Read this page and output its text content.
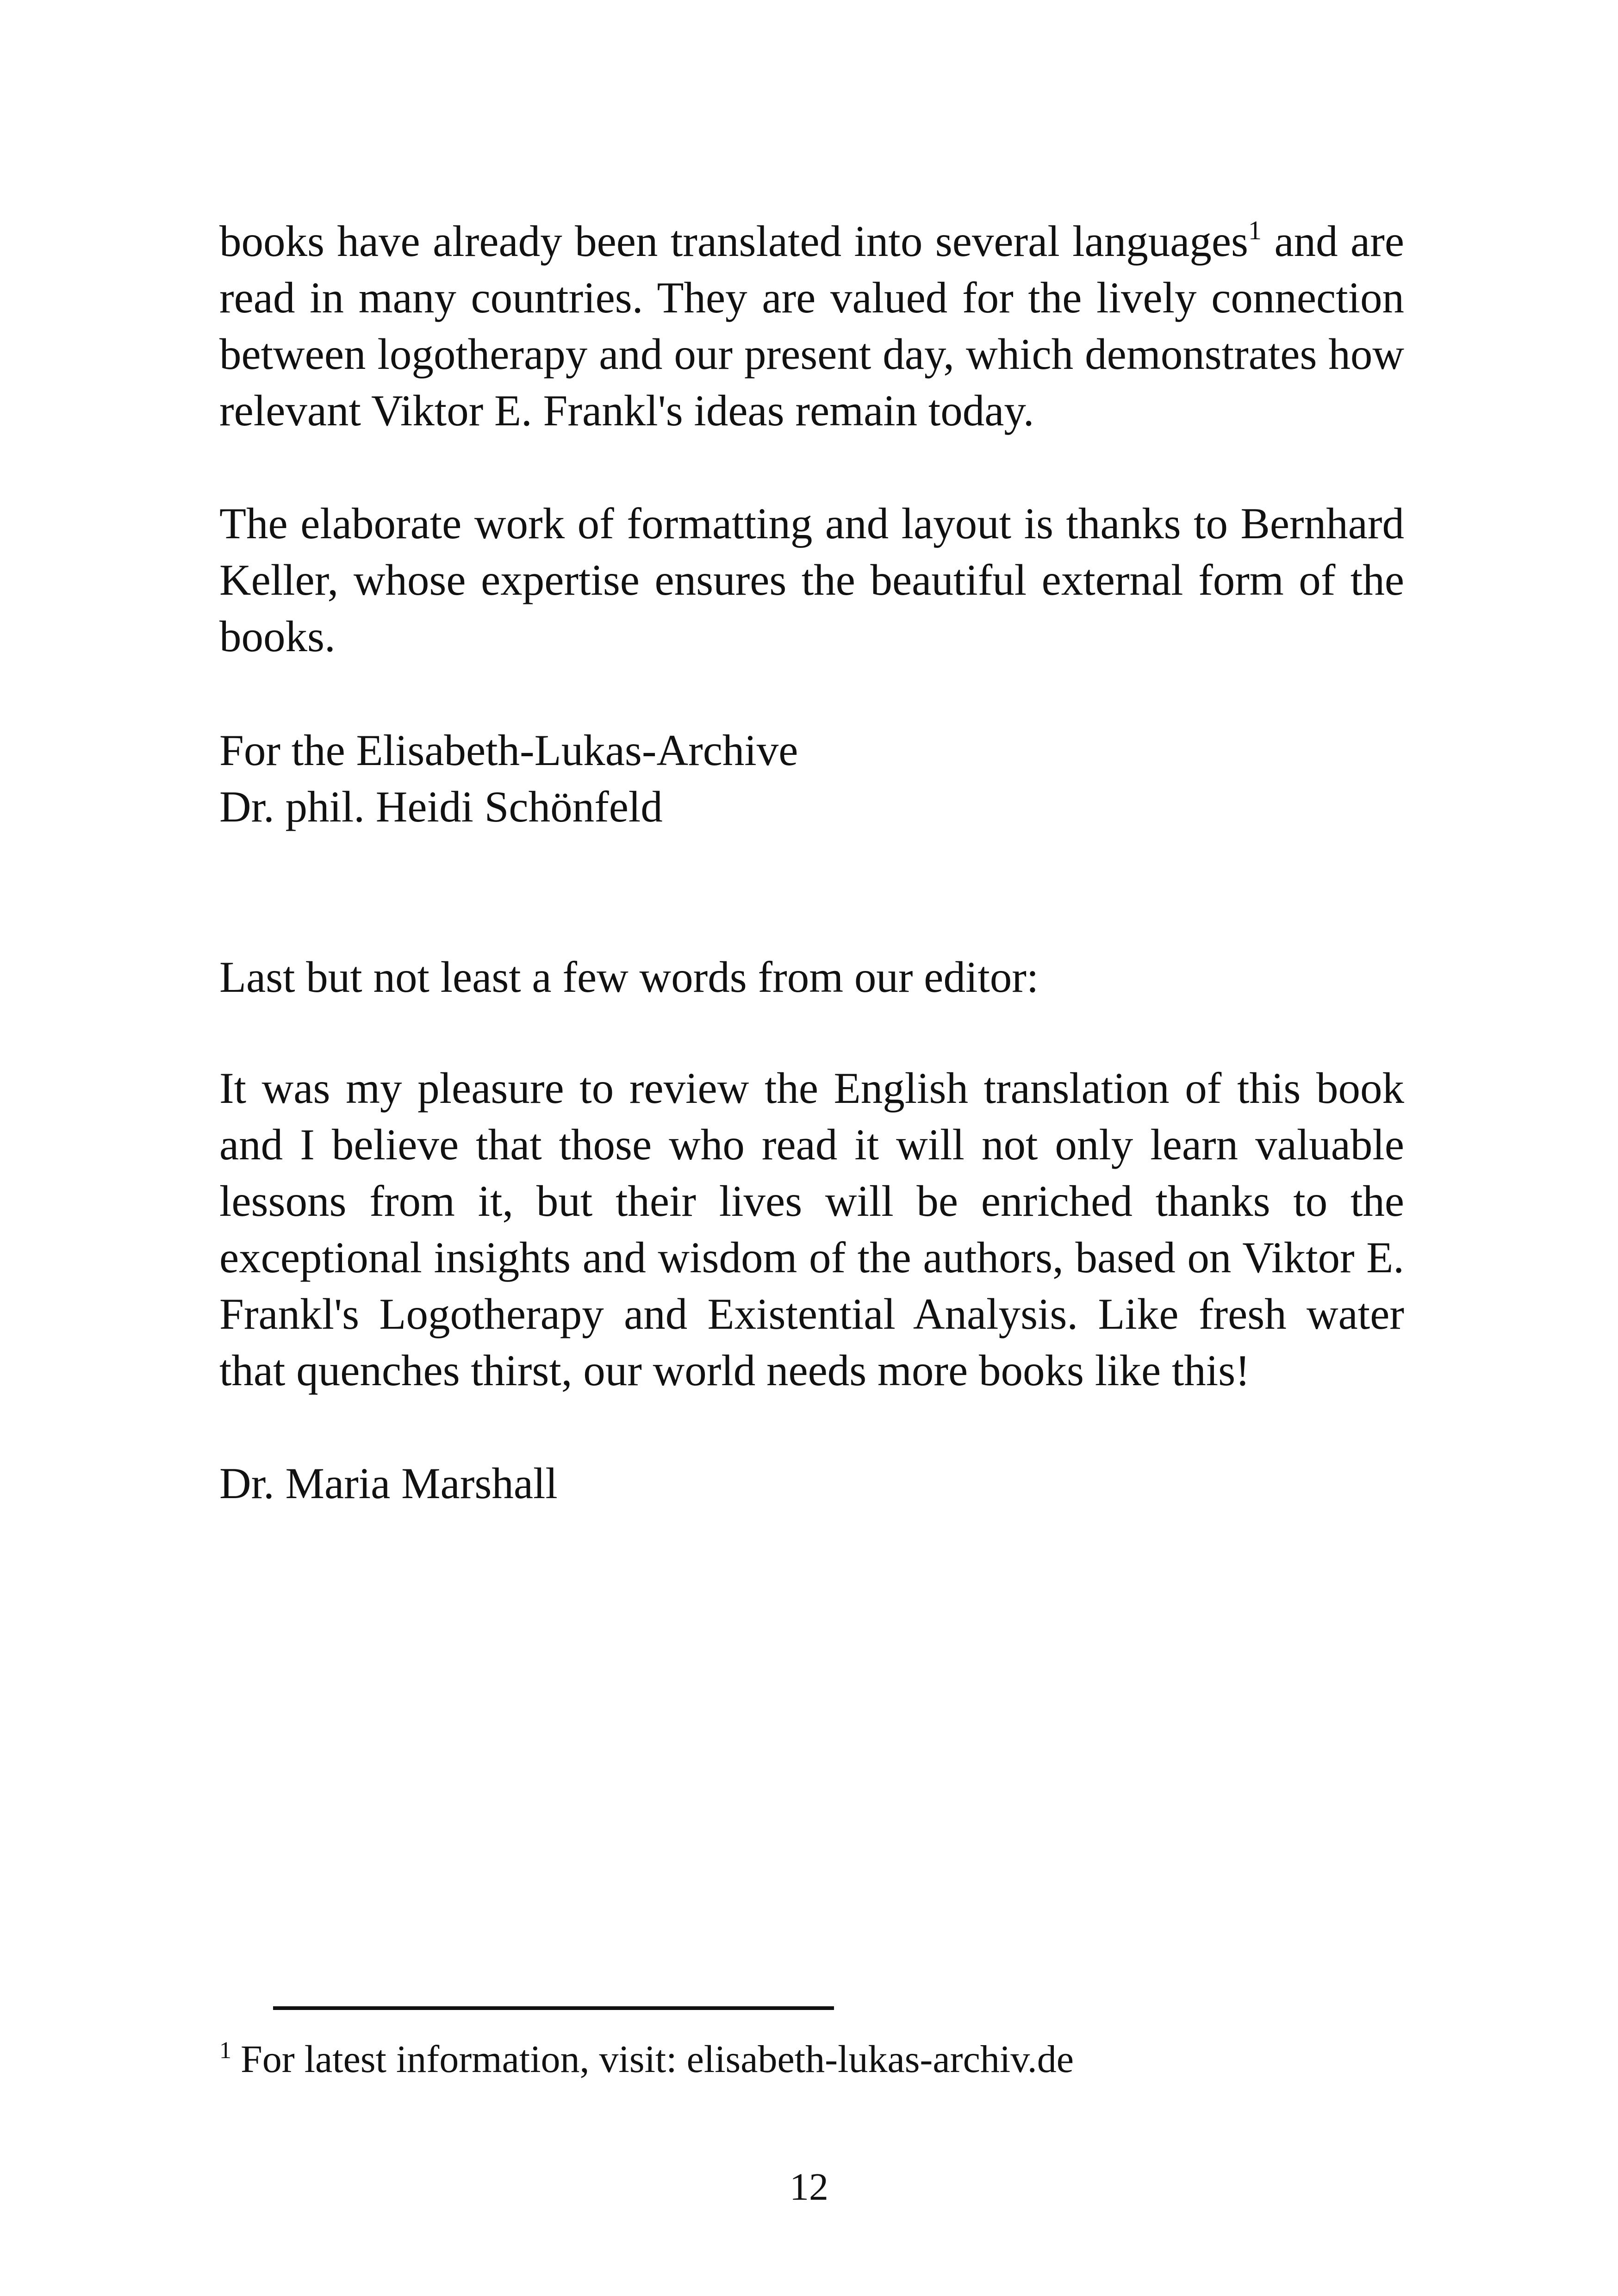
books have already been translated into several languages$^1$ and are read in many countries. They are valued for the lively connection between logotherapy and our present day, which demonstrates how relevant Viktor E. Frankl's ideas remain today.
The elaborate work of formatting and layout is thanks to Bernhard Keller, whose expertise ensures the beautiful external form of the books.
For the Elisabeth-Lukas-Archive
Dr. phil. Heidi Schönfeld
Last but not least a few words from our editor:
It was my pleasure to review the English translation of this book and I believe that those who read it will not only learn valuable lessons from it, but their lives will be enriched thanks to the exceptional insights and wisdom of the authors, based on Viktor E. Frankl's Logotherapy and Existential Analysis. Like fresh water that quenches thirst, our world needs more books like this!
Dr. Maria Marshall
$^1$ For latest information, visit: elisabeth-lukas-archiv.de
12
